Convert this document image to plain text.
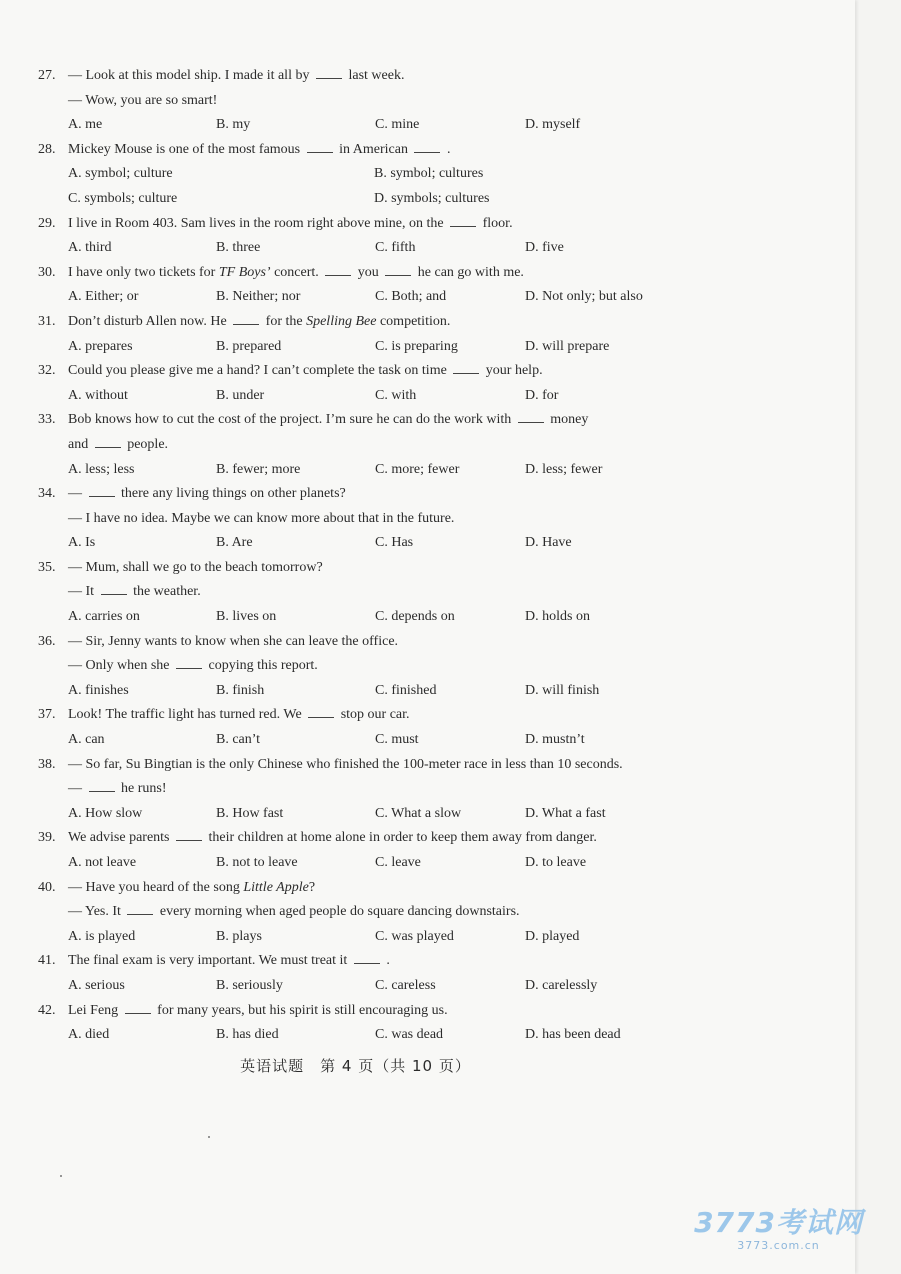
27. — Look at this model ship. I made it all by  last week.
— Wow, you are so smart!
A. me	B. my	C. mine	D. myself
28. Mickey Mouse is one of the most famous  in American  .
A. symbol; culture	B. symbol; cultures
C. symbols; culture	D. symbols; cultures
29. I live in Room 403. Sam lives in the room right above mine, on the  floor.
A. third	B. three	C. fifth	D. five
30. I have only two tickets for TF Boys’ concert.  you  he can go with me.
A. Either; or	B. Neither; nor	C. Both; and	D. Not only; but also
31. Don’t disturb Allen now. He  for the Spelling Bee competition.
A. prepares	B. prepared	C. is preparing	D. will prepare
32. Could you please give me a hand? I can’t complete the task on time  your help.
A. without	B. under	C. with	D. for
33. Bob knows how to cut the cost of the project. I’m sure he can do the work with  money
and  people.
A. less; less	B. fewer; more	C. more; fewer	D. less; fewer
34. —  there any living things on other planets?
— I have no idea. Maybe we can know more about that in the future.
A. Is	B. Are	C. Has	D. Have
35. — Mum, shall we go to the beach tomorrow?
— It  the weather.
A. carries on	B. lives on	C. depends on	D. holds on
36. — Sir, Jenny wants to know when she can leave the office.
— Only when she  copying this report.
A. finishes	B. finish	C. finished	D. will finish
37. Look! The traffic light has turned red. We  stop our car.
A. can	B. can’t	C. must	D. mustn’t
38. — So far, Su Bingtian is the only Chinese who finished the 100-meter race in less than 10 seconds.
—  he runs!
A. How slow	B. How fast	C. What a slow	D. What a fast
39. We advise parents  their children at home alone in order to keep them away from danger.
A. not leave	B. not to leave	C. leave	D. to leave
40. — Have you heard of the song Little Apple?
— Yes. It  every morning when aged people do square dancing downstairs.
A. is played	B. plays	C. was played	D. played
41. The final exam is very important. We must treat it  .
A. serious	B. seriously	C. careless	D. carelessly
42. Lei Feng  for many years, but his spirit is still encouraging us.
A. died	B. has died	C. was dead	D. has been dead
英语试题　第 4 页（共 10 页）
3773考试网
3773.com.cn
